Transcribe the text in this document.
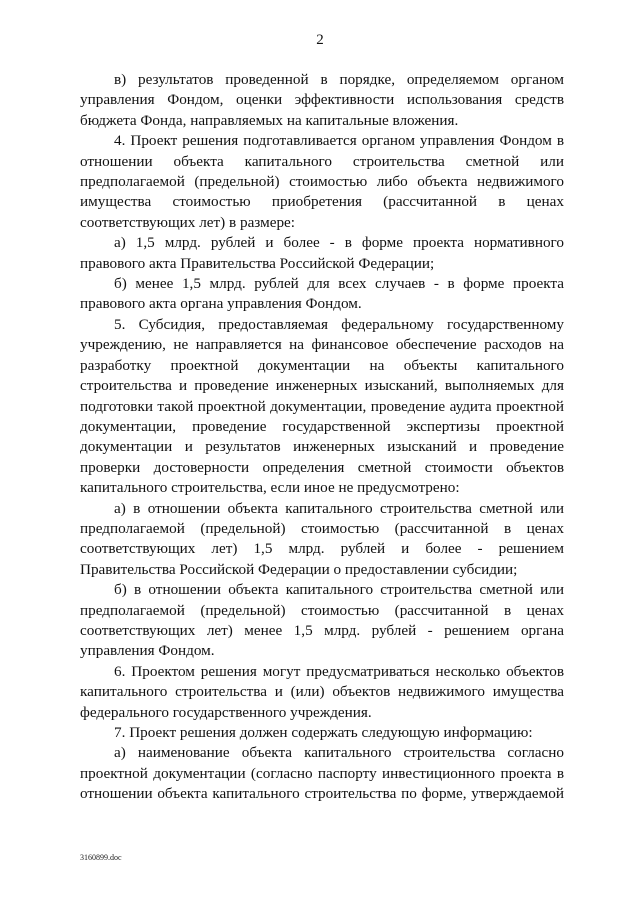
2

в) результатов проведенной в порядке, определяемом органом управления Фондом, оценки эффективности использования средств бюджета Фонда, направляемых на капитальные вложения.

4. Проект решения подготавливается органом управления Фондом в отношении объекта капитального строительства сметной или предполагаемой (предельной) стоимостью либо объекта недвижимого имущества стоимостью приобретения (рассчитанной в ценах соответствующих лет) в размере:

а) 1,5 млрд. рублей и более - в форме проекта нормативного правового акта Правительства Российской Федерации;

б) менее 1,5 млрд. рублей для всех случаев - в форме проекта правового акта органа управления Фондом.

5. Субсидия, предоставляемая федеральному государственному учреждению, не направляется на финансовое обеспечение расходов на разработку проектной документации на объекты капитального строительства и проведение инженерных изысканий, выполняемых для подготовки такой проектной документации, проведение аудита проектной документации, проведение государственной экспертизы проектной документации и результатов инженерных изысканий и проведение проверки достоверности определения сметной стоимости объектов капитального строительства, если иное не предусмотрено:

а) в отношении объекта капитального строительства сметной или предполагаемой (предельной) стоимостью (рассчитанной в ценах соответствующих лет) 1,5 млрд. рублей и более - решением Правительства Российской Федерации о предоставлении субсидии;

б) в отношении объекта капитального строительства сметной или предполагаемой (предельной) стоимостью (рассчитанной в ценах соответствующих лет) менее 1,5 млрд. рублей - решением органа управления Фондом.

6. Проектом решения могут предусматриваться несколько объектов капитального строительства и (или) объектов недвижимого имущества федерального государственного учреждения.

7. Проект решения должен содержать следующую информацию:

а) наименование объекта капитального строительства согласно проектной документации (согласно паспорту инвестиционного проекта в отношении объекта капитального строительства по форме, утверждаемой

3160899.doc
